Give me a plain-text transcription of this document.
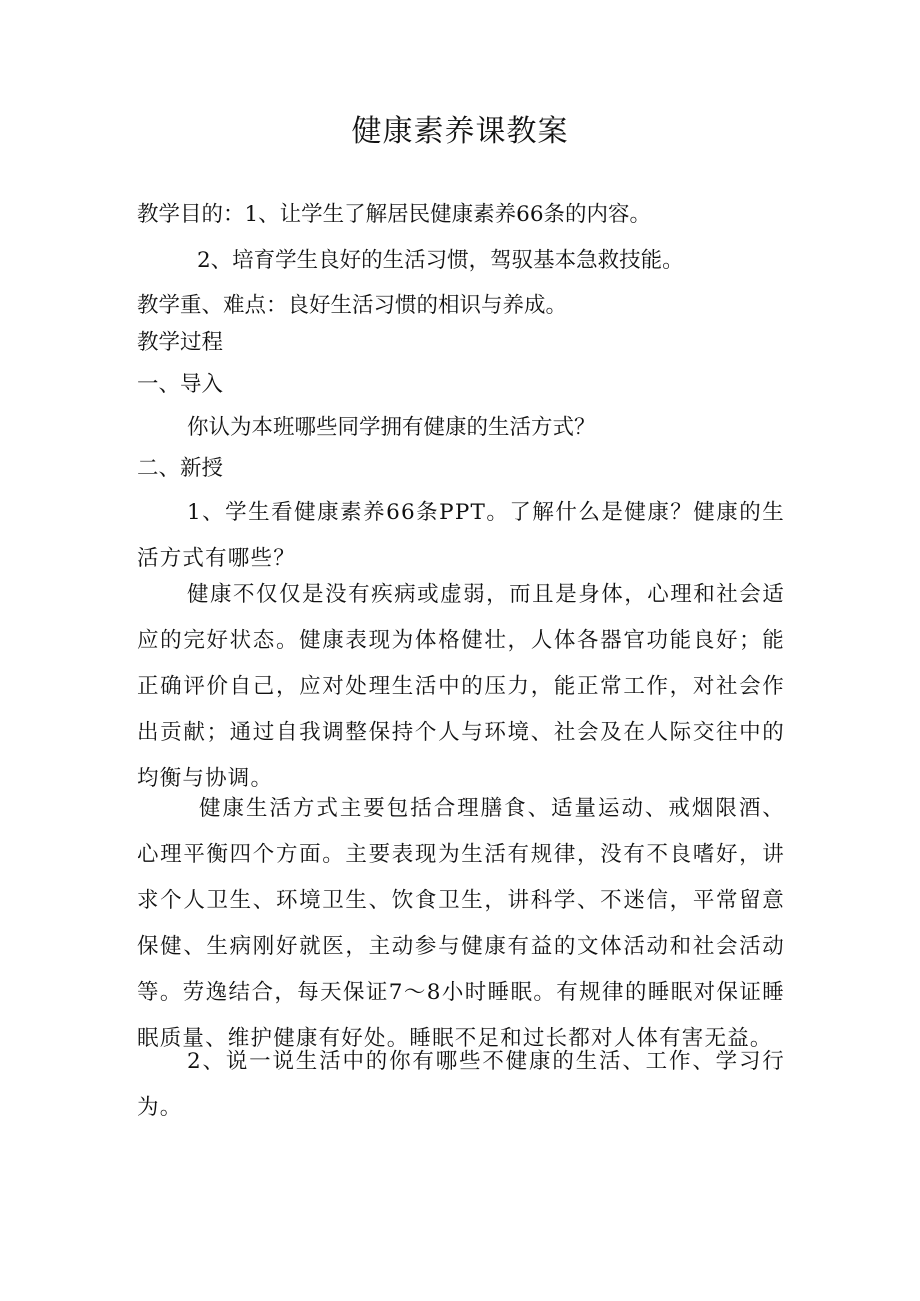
健康素养课教案

教学目的：1、让学生了解居民健康素养66条的内容。

2、培育学生良好的生活习惯，驾驭基本急救技能。

教学重、难点：良好生活习惯的相识与养成。

教学过程

一、导入

你认为本班哪些同学拥有健康的生活方式？

二、新授

1、学生看健康素养66条PPT。了解什么是健康？健康的生活方式有哪些？

健康不仅仅是没有疾病或虚弱，而且是身体，心理和社会适应的完好状态。健康表现为体格健壮，人体各器官功能良好；能正确评价自己，应对处理生活中的压力，能正常工作，对社会作出贡献；通过自我调整保持个人与环境、社会及在人际交往中的均衡与协调。

健康生活方式主要包括合理膳食、适量运动、戒烟限酒、心理平衡四个方面。主要表现为生活有规律，没有不良嗜好，讲求个人卫生、环境卫生、饮食卫生，讲科学、不迷信，平常留意保健、生病刚好就医，主动参与健康有益的文体活动和社会活动等。劳逸结合，每天保证7～8小时睡眠。有规律的睡眠对保证睡眠质量、维护健康有好处。睡眠不足和过长都对人体有害无益。

2、说一说生活中的你有哪些不健康的生活、工作、学习行为。
